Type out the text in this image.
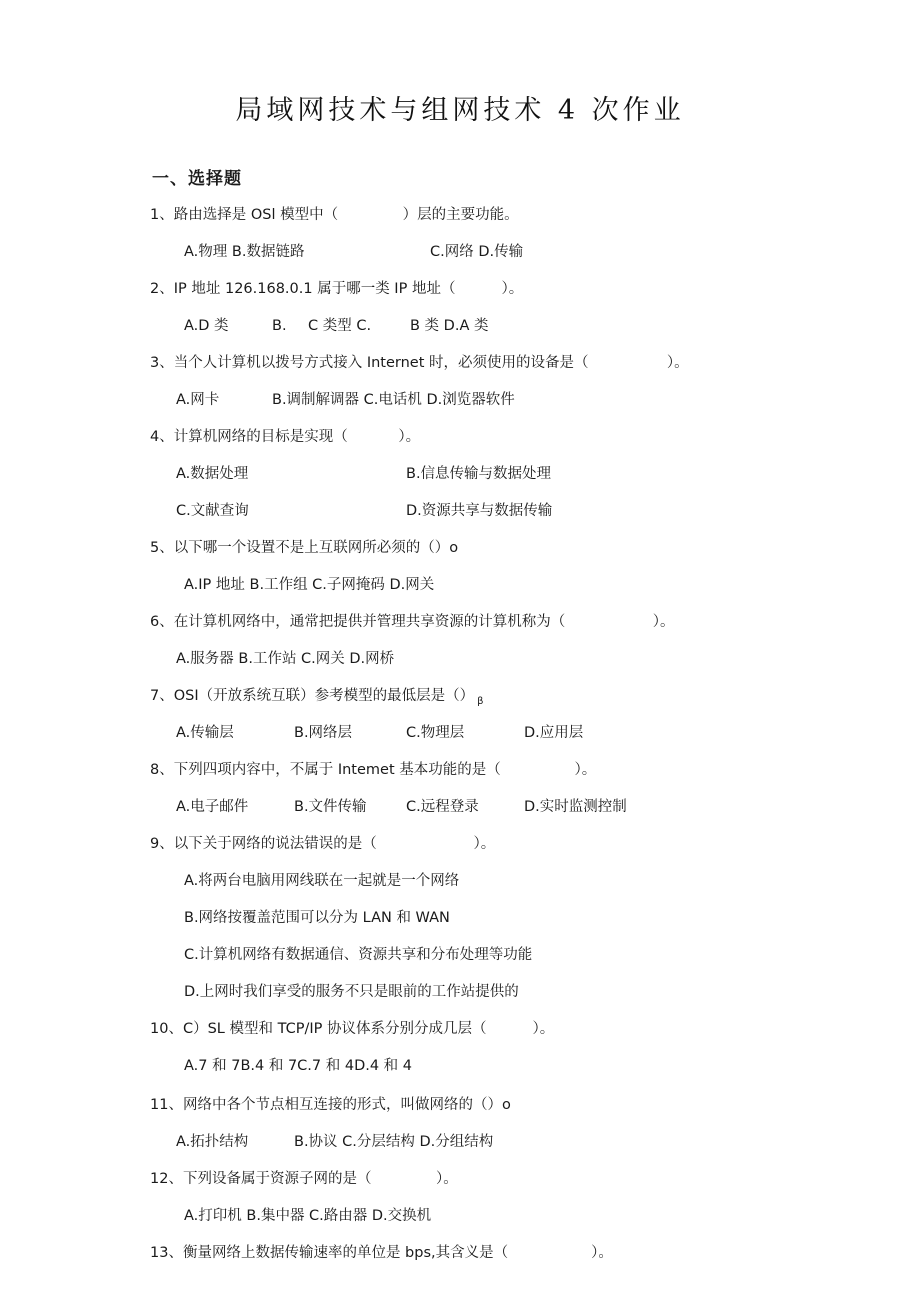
局域网技术与组网技术 4 次作业
一、选择题
1、路由选择是 OSl 模型中（              ）层的主要功能。
A.物理 B.数据链路	C.网络 D.传输
2、IP 地址 126.168.0.1 属于哪一类 IP 地址（          ）。
A.D 类	B. C 类型 C.	B 类 D.A 类
3、当个人计算机以拨号方式接入 Internet 时，必须使用的设备是（                 ）。
A.网卡	B.调制解调器 C.电话机 D.浏览器软件
4、计算机网络的目标是实现（           ）。
A.数据处理	B.信息传输与数据处理
C.文献查询	D.资源共享与数据传输
5、以下哪一个设置不是上互联网所必须的（）o
A.IP 地址 B.工作组 C.子网掩码 D.网关
6、在计算机网络中，通常把提供并管理共享资源的计算机称为（                   ）。
A.服务器 B.工作站 C.网关 D.网桥
7、OSI（开放系统互联）参考模型的最低层是（） $_\beta$
A.传输层	B.网络层	C.物理层	D.应用层
8、下列四项内容中，不属于 Intemet 基本功能的是（                ）。
A.电子邮件	B.文件传输	C.远程登录	D.实时监测控制
9、以下关于网络的说法错误的是（                     ）。
A.将两台电脑用网线联在一起就是一个网络
B.网络按覆盖范围可以分为 LAN 和 WAN
C.计算机网络有数据通信、资源共享和分布处理等功能
D.上网时我们享受的服务不只是眼前的工作站提供的
10、C）SL 模型和 TCP/IP 协议体系分别分成几层（          ）。
A.7 和 7B.4 和 7C.7 和 4D.4 和 4
11、网络中各个节点相互连接的形式，叫做网络的（）o
A.拓扑结构	B.协议 C.分层结构 D.分组结构
12、下列设备属于资源子网的是（              ）。
A.打印机 B.集中器 C.路由器 D.交换机
13、衡量网络上数据传输速率的单位是 bps,其含义是（                  ）。
